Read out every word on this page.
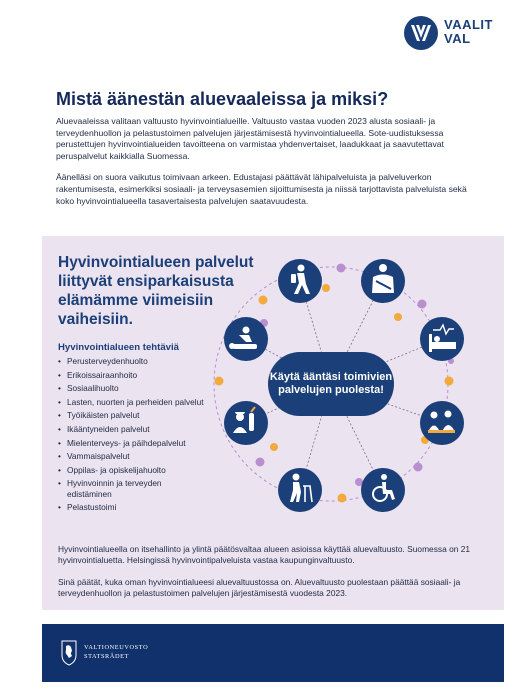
VAALIT
VAL
Mistä äänestän aluevaaleissa ja miksi?

Aluevaaleissa valitaan valtuusto hyvinvointialueille. Valtuusto vastaa vuoden 2023 alusta sosiaali- ja terveydenhuollon ja pelastustoimen palvelujen järjestämisestä hyvinvointialueella. Sote-uudistuksessa perustettujen hyvinvointialueiden tavoitteena on varmistaa yhdenvertaiset, laadukkaat ja saavutettavat peruspalvelut kaikkialla Suomessa.

Äänelläsi on suora vaikutus toimivaan arkeen. Edustajasi päättävät lähipalveluista ja palveluverkon rakentumisesta, esimerkiksi sosiaali- ja terveysasemien sijoittumisesta ja niissä tarjottavista palveluista sekä koko hyvinvointialueella tasavertaisesta palvelujen saatavuudesta.

Hyvinvointialueen palvelut liittyvät ensiparkaisusta elämämme viimeisiin vaiheisiin.
Hyvinvointialueen tehtäviä
• Perusterveydenhuolto
• Erikoissairaanhoito
• Sosiaalihuolto
• Lasten, nuorten ja perheiden palvelut
• Työikäisten palvelut
• Ikääntyneiden palvelut
• Mielenterveys- ja päihdepalvelut
• Vammaispalvelut
• Oppilas- ja opiskelijahuolto
• Hyvinvoinnin ja terveyden edistäminen
• Pelastustoimi
Käytä ääntäsi toimivien palvelujen puolesta!

Hyvinvointialueella on itsehallinto ja ylintä päätösvaltaa alueen asioissa käyttää aluevaltuusto. Suomessa on 21 hyvinvointialuetta. Helsingissä hyvinvointipalveluista vastaa kaupunginvaltuusto.

Sinä päätät, kuka oman hyvinvointialueesi aluevaltuustossa on. Aluevaltuusto puolestaan päättää sosiaali- ja terveydenhuollon ja pelastustoimen palvelujen järjestämisestä vuodesta 2023.

VALTIONEUVOSTO
STATSRÅDET
